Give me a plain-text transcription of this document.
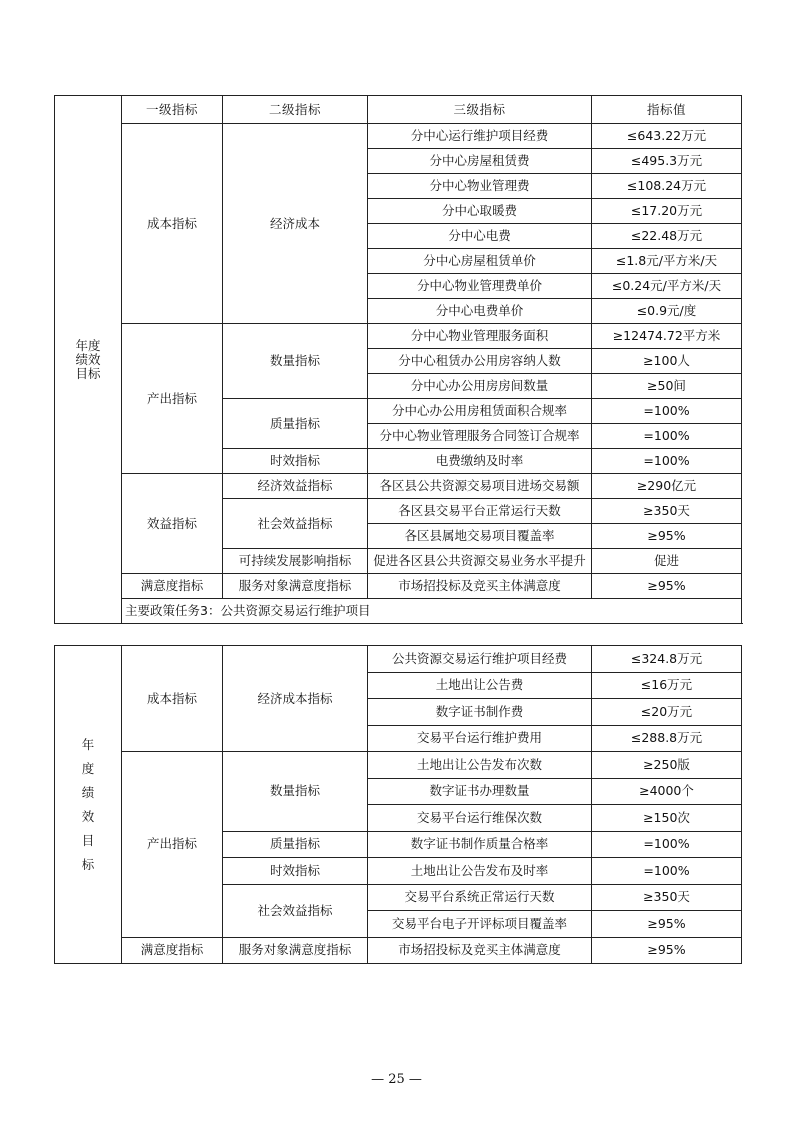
年度
绩效
目标	一级指标	二级指标	三级指标	指标值
	成本指标	经济成本	分中心运行维护项目经费	≤643.22万元
			分中心房屋租赁费	≤495.3万元
			分中心物业管理费	≤108.24万元
			分中心取暖费	≤17.20万元
			分中心电费	≤22.48万元
			分中心房屋租赁单价	≤1.8元/平方米/天
			分中心物业管理费单价	≤0.24元/平方米/天
			分中心电费单价	≤0.9元/度
	产出指标	数量指标	分中心物业管理服务面积	≥12474.72平方米
			分中心租赁办公用房容纳人数	≥100人
			分中心办公用房房间数量	≥50间
		质量指标	分中心办公用房租赁面积合规率	=100%
			分中心物业管理服务合同签订合规率	=100%
		时效指标	电费缴纳及时率	=100%
	效益指标	经济效益指标	各区县公共资源交易项目进场交易额	≥290亿元
		社会效益指标	各区县交易平台正常运行天数	≥350天
			各区县属地交易项目覆盖率	≥95%
		可持续发展影响指标	促进各区县公共资源交易业务水平提升	促进
	满意度指标	服务对象满意度指标	市场招投标及竞买主体满意度	≥95%
	主要政策任务3：公共资源交易运行维护项目			
年 度 绩 效 目 标	成本指标	经济成本指标	公共资源交易运行维护项目经费	≤324.8万元
			土地出让公告费	≤16万元
			数字证书制作费	≤20万元
			交易平台运行维护费用	≤288.8万元
	产出指标	数量指标	土地出让公告发布次数	≥250版
			数字证书办理数量	≥4000个
			交易平台运行维保次数	≥150次
		质量指标	数字证书制作质量合格率	=100%
		时效指标	土地出让公告发布及时率	=100%
		社会效益指标	交易平台系统正常运行天数	≥350天
			交易平台电子开评标项目覆盖率	≥95%
	满意度指标	服务对象满意度指标	市场招投标及竞买主体满意度	≥95%
— 25 —
